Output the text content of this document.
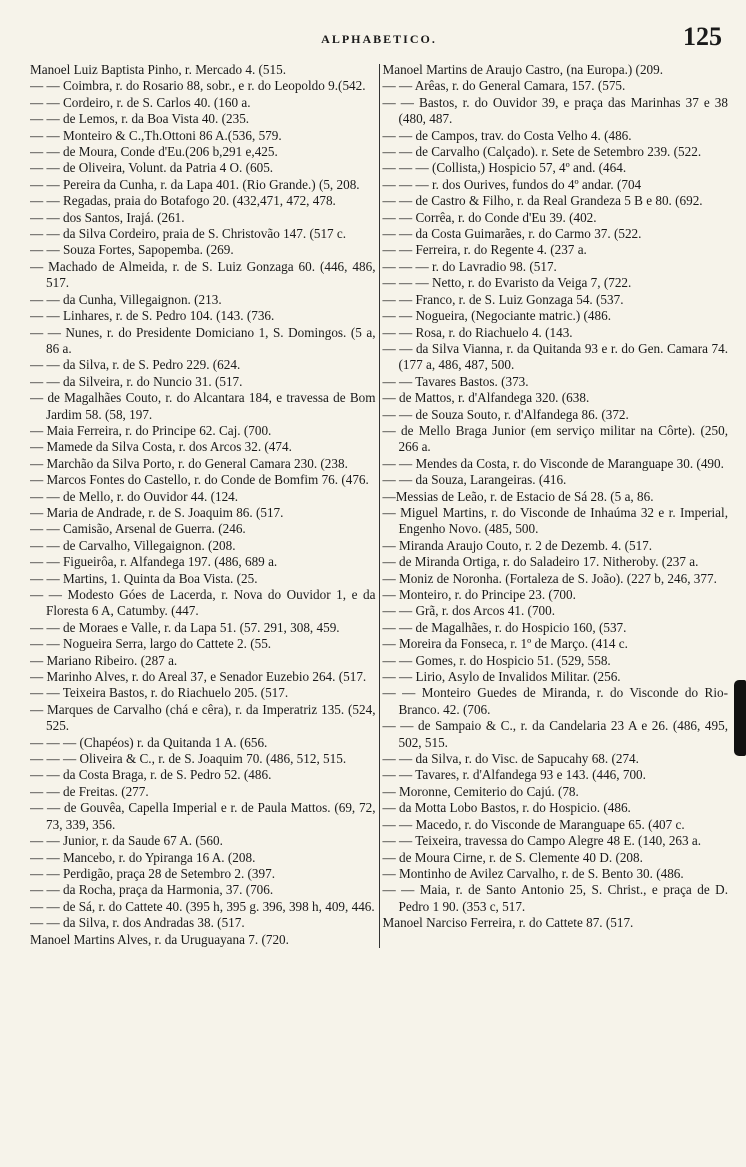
ALPHABETICO.	125
Manoel Luiz Baptista Pinho, r. Mercado 4. (515.
— — Coimbra, r. do Rosario 88, sobr., e r. do Leopoldo 9.(542.
— — Cordeiro, r. de S. Carlos 40. (160 a.
— — de Lemos, r. da Boa Vista 40. (235.
— — Monteiro & C.,Th.Ottoni 86 A.(536, 579.
— — de Moura, Conde d'Eu.(206 b,291 e,425.
— — de Oliveira, Volunt. da Patria 4 O. (605.
— — Pereira da Cunha, r. da Lapa 401. (Rio Grande.) (5, 208.
— — Regadas, praia do Botafogo 20. (432,471, 472, 478.
— — dos Santos, Irajá. (261.
— — da Silva Cordeiro, praia de S. Christovão 147. (517 c.
— — Souza Fortes, Sapopemba. (269.
— Machado de Almeida, r. de S. Luiz Gonzaga 60. (446, 486, 517.
— — da Cunha, Villegaignon. (213.
— — Linhares, r. de S. Pedro 104. (143. (736.
— — Nunes, r. do Presidente Domiciano 1, S. Domingos. (5 a, 86 a.
— — da Silva, r. de S. Pedro 229. (624.
— — da Silveira, r. do Nuncio 31. (517.
— de Magalhães Couto, r. do Alcantara 184, e travessa de Bom Jardim 58. (58, 197.
— Maia Ferreira, r. do Principe 62. Caj. (700.
— Mamede da Silva Costa, r. dos Arcos 32. (474.
— Marchão da Silva Porto, r. do General Camara 230. (238.
— Marcos Fontes do Castello, r. do Conde de Bomfim 76. (476.
— — de Mello, r. do Ouvidor 44. (124.
— Maria de Andrade, r. de S. Joaquim 86. (517.
— — Camisão, Arsenal de Guerra. (246.
— — de Carvalho, Villegaignon. (208.
— — Figueirôa, r. Alfandega 197. (486, 689 a.
— — Martins, 1. Quinta da Boa Vista. (25.
— — Modesto Góes de Lacerda, r. Nova do Ouvidor 1, e da Floresta 6 A, Catumby. (447.
— — de Moraes e Valle, r. da Lapa 51. (57. 291, 308, 459.
— — Nogueira Serra, largo do Cattete 2. (55.
— Mariano Ribeiro. (287 a.
— Marinho Alves, r. do Areal 37, e Senador Euzebio 264. (517.
— — Teixeira Bastos, r. do Riachuelo 205. (517.
— Marques de Carvalho (chá e cêra), r. da Imperatriz 135. (524, 525.
— — — (Chapéos) r. da Quitanda 1 A. (656.
— — — Oliveira & C., r. de S. Joaquim 70. (486, 512, 515.
— — da Costa Braga, r. de S. Pedro 52. (486.
— — de Freitas. (277.
— — de Gouvêa, Capella Imperial e r. de Paula Mattos. (69, 72, 73, 339, 356.
— — Junior, r. da Saude 67 A. (560.
— — Mancebo, r. do Ypiranga 16 A. (208.
— — Perdigão, praça 28 de Setembro 2. (397.
— — da Rocha, praça da Harmonia, 37. (706.
— — de Sá, r. do Cattete 40. (395 h, 395 g. 396, 398 h, 409, 446.
— — da Silva, r. dos Andradas 38. (517.
Manoel Martins Alves, r. da Uruguayana 7. (720.
Manoel Martins de Araujo Castro, (na Europa.) (209.
— — Arêas, r. do General Camara, 157. (575.
— — Bastos, r. do Ouvidor 39, e praça das Marinhas 37 e 38 (480, 487.
— — de Campos, trav. do Costa Velho 4. (486.
— — de Carvalho (Calçado). r. Sete de Setembro 239. (522.
— — — (Collista,) Hospicio 57, 4º and. (464.
— — — r. dos Ourives, fundos do 4º andar. (704
— — de Castro & Filho, r. da Real Grandeza 5 B e 80. (692.
— — Corrêa, r. do Conde d'Eu 39. (402.
— — da Costa Guimarães, r. do Carmo 37. (522.
— — Ferreira, r. do Regente 4. (237 a.
— — — r. do Lavradio 98. (517.
— — — Netto, r. do Evaristo da Veiga 7, (722.
— — Franco, r. de S. Luiz Gonzaga 54. (537.
— — Nogueira, (Negociante matric.) (486.
— — Rosa, r. do Riachuelo 4. (143.
— — da Silva Vianna, r. da Quitanda 93 e r. do Gen. Camara 74. (177 a, 486, 487, 500.
— — Tavares Bastos. (373.
— de Mattos, r. d'Alfandega 320. (638.
— — de Souza Souto, r. d'Alfandega 86. (372.
— de Mello Braga Junior (em serviço militar na Côrte). (250, 266 a.
— — Mendes da Costa, r. do Visconde de Maranguape 30. (490.
— — da Souza, Larangeiras. (416.
—Messias de Leão, r. de Estacio de Sá 28. (5 a, 86.
— Miguel Martins, r. do Visconde de Inhaúma 32 e r. Imperial, Engenho Novo. (485, 500.
— Miranda Araujo Couto, r. 2 de Dezemb. 4. (517.
— de Miranda Ortiga, r. do Saladeiro 17. Nitheroby. (237 a.
— Moniz de Noronha. (Fortaleza de S. João). (227 b, 246, 377.
— Monteiro, r. do Principe 23. (700.
— — Grã, r. dos Arcos 41. (700.
— — de Magalhães, r. do Hospicio 160, (537.
— Moreira da Fonseca, r. 1º de Março. (414 c.
— — Gomes, r. do Hospicio 51. (529, 558.
— — Lirio, Asylo de Invalidos Militar. (256.
— — Monteiro Guedes de Miranda, r. do Visconde do Rio-Branco. 42. (706.
— — de Sampaio & C., r. da Candelaria 23 A e 26. (486, 495, 502, 515.
— — da Silva, r. do Visc. de Sapucahy 68. (274.
— — Tavares, r. d'Alfandega 93 e 143. (446, 700.
— Moronne, Cemiterio do Cajú. (78.
— da Motta Lobo Bastos, r. do Hospicio. (486.
— — Macedo, r. do Visconde de Maranguape 65. (407 c.
— — Teixeira, travessa do Campo Alegre 48 E. (140, 263 a.
— de Moura Cirne, r. de S. Clemente 40 D. (208.
— Montinho de Avilez Carvalho, r. de S. Bento 30. (486.
— — Maia, r. de Santo Antonio 25, S. Christ., e praça de D. Pedro 1 90. (353 c, 517.
Manoel Narciso Ferreira, r. do Cattete 87. (517.
